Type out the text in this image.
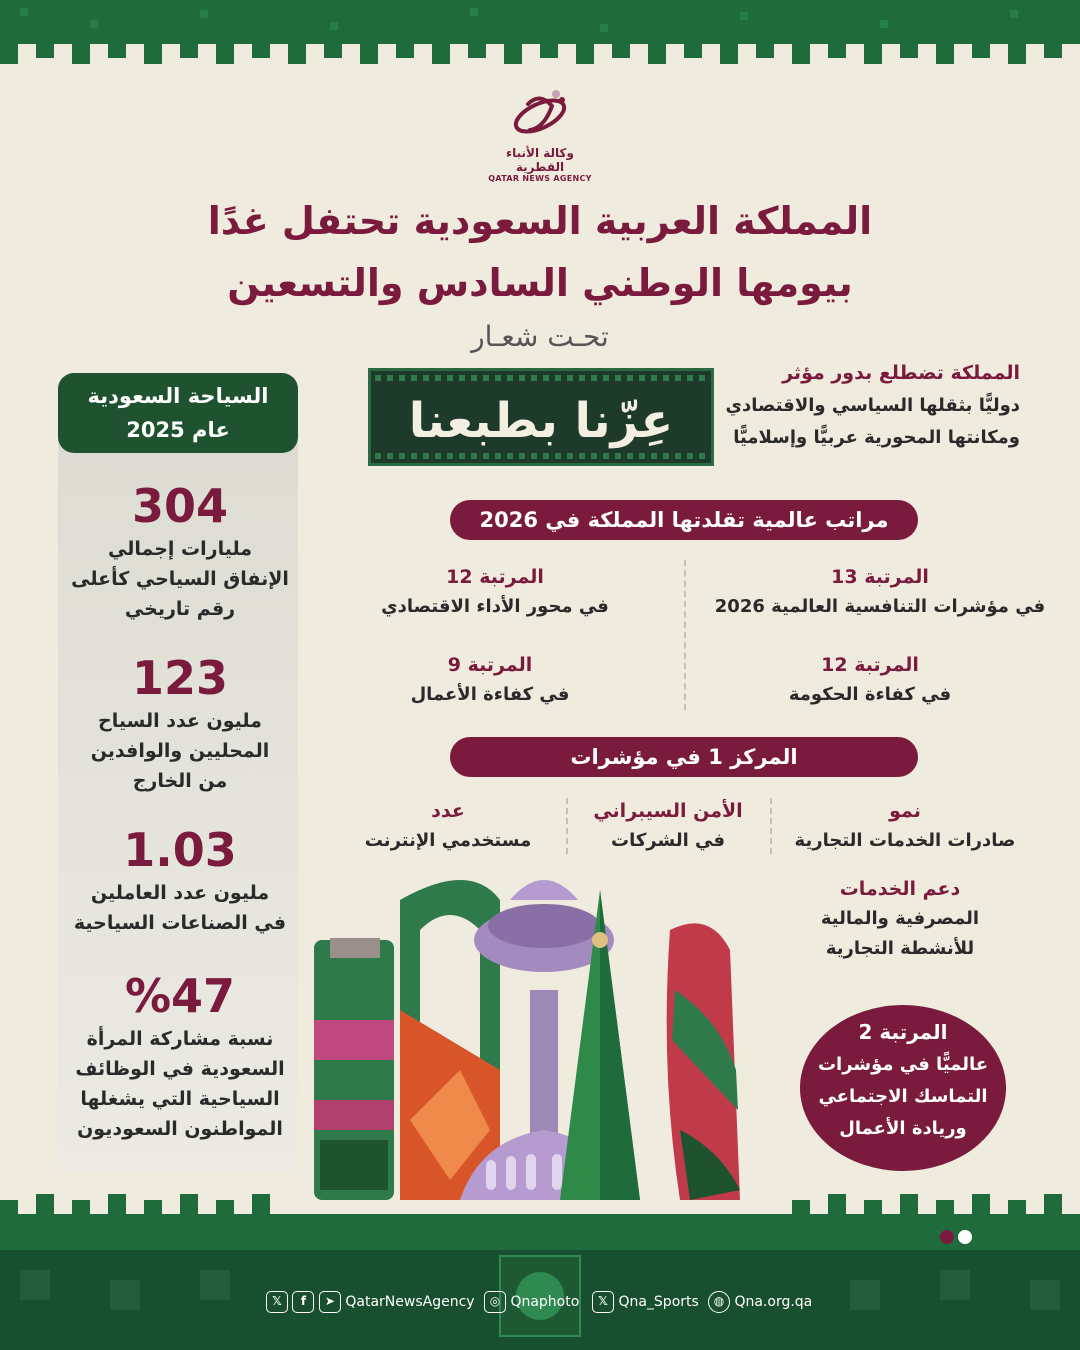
وكالة الأنباء القطرية
QATAR NEWS AGENCY
المملكة العربية السعودية تحتفل غدًا
بيومها الوطني السادس والتسعين
تحـت شعـار
عِزّنا بطبعنا
المملكة تضطلع بدور مؤثر
دوليًّا بثقلها السياسي والاقتصادي
ومكانتها المحورية عربيًّا وإسلاميًّا
السياحة السعودية
عام 2025
304
مليارات إجمالي
الإنفاق السياحي كأعلى
رقم تاريخي
123
مليون عدد السياح
المحليين والوافدين
من الخارج
1.03
مليون عدد العاملين
في الصناعات السياحية
%47
نسبة مشاركة المرأة
السعودية في الوظائف
السياحية التي يشغلها
المواطنون السعوديون
مراتب عالمية تقلدتها المملكة في 2026
المرتبة 13
في مؤشرات التنافسية العالمية 2026
المرتبة 12
في محور الأداء الاقتصادي
المرتبة 12
في كفاءة الحكومة
المرتبة 9
في كفاءة الأعمال
المركز 1 في مؤشرات
نمو
صادرات الخدمات التجارية
الأمن السيبراني
في الشركات
عدد
مستخدمي الإنترنت
دعم الخدمات
المصرفية والمالية
للأنشطة التجارية
المرتبة 2
عالميًّا في مؤشرات
التماسك الاجتماعي
وريادة الأعمال
𝕏 f ➤ QatarNewsAgency	◎ Qnaphoto	𝕏 Qna_Sports	◍ Qna.org.qa
